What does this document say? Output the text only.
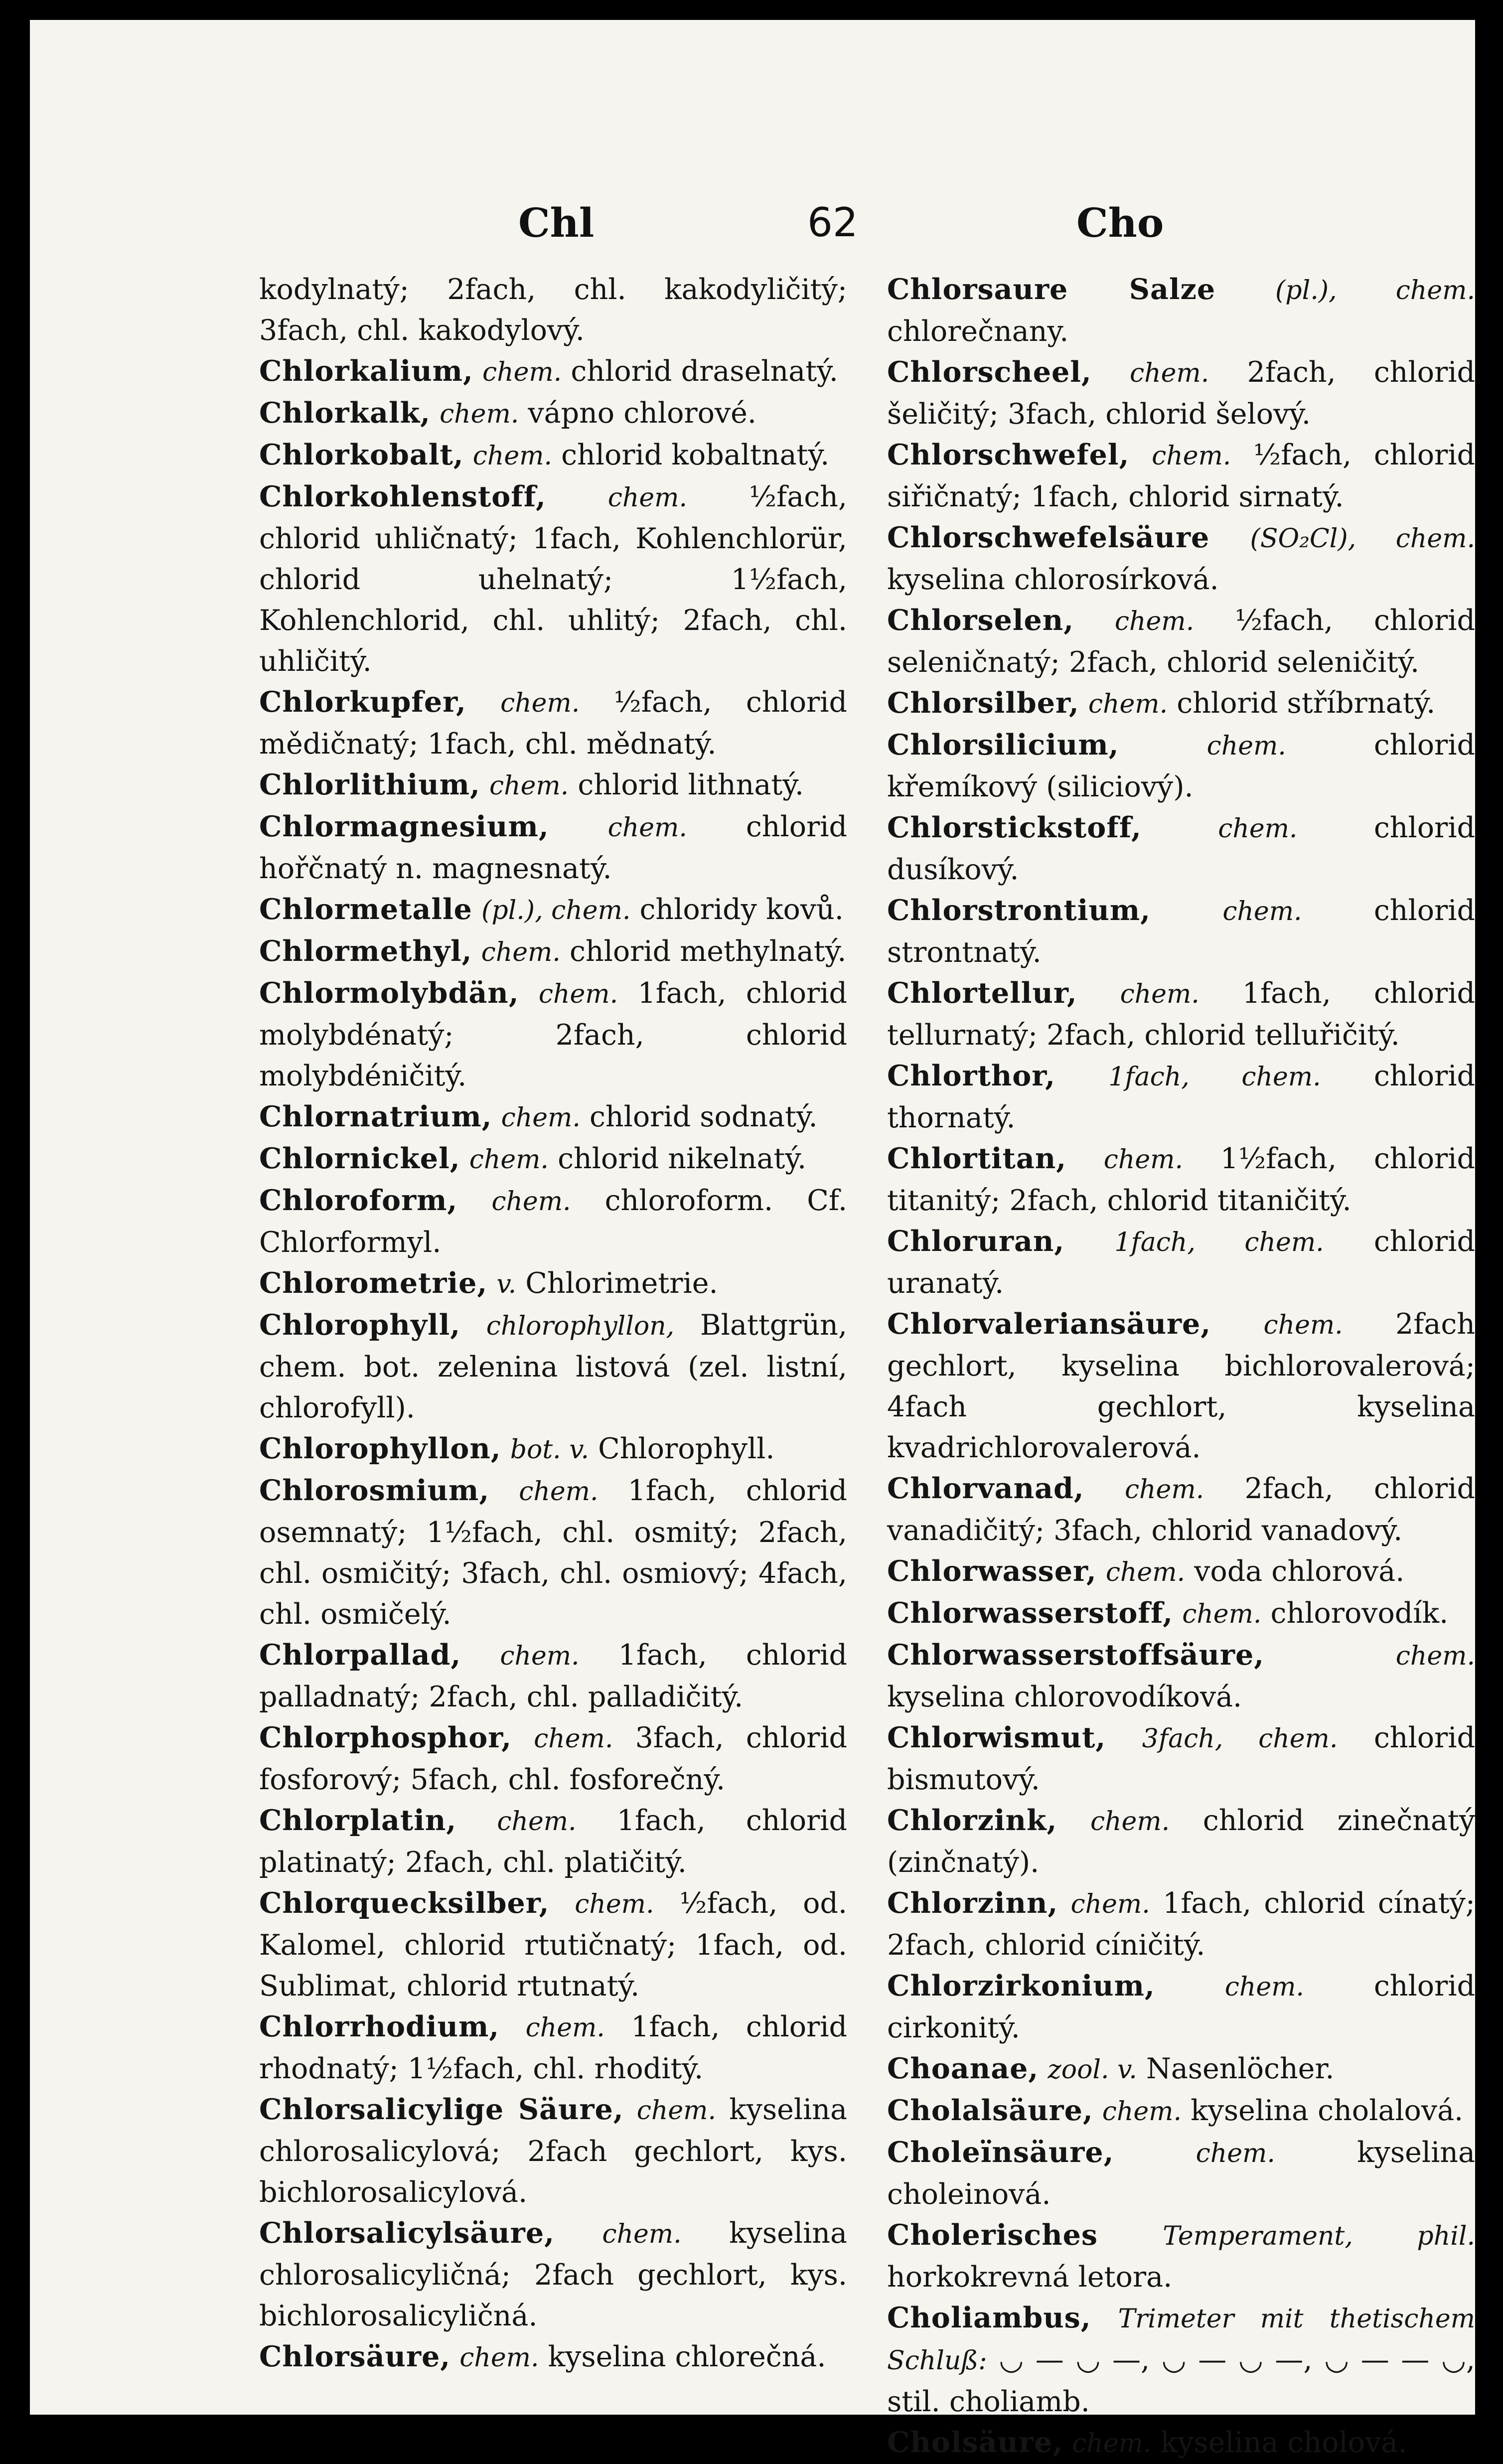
Chl	62	Cho

kodylnatý; 2fach, chl. kakodyličitý; 3fach, chl. kakodylový.

Chlorkalium, chem. chlorid draselnatý.

Chlorkalk, chem. vápno chlorové.

Chlorkobalt, chem. chlorid kobaltnatý.

Chlorkohlenstoff, chem. ½fach, chlorid uhličnatý; 1fach, Kohlenchlorür, chlorid uhelnatý; 1½fach, Kohlenchlorid, chl. uhlitý; 2fach, chl. uhličitý.

Chlorkupfer, chem. ½fach, chlorid mědičnatý; 1fach, chl. mědnatý.

Chlorlithium, chem. chlorid lithnatý.

Chlormagnesium, chem. chlorid hořčnatý n. magnesnatý.

Chlormetalle (pl.), chem. chloridy kovů.

Chlormethyl, chem. chlorid methylnatý.

Chlormolybdän, chem. 1fach, chlorid molybdénatý; 2fach, chlorid molybdéničitý.

Chlornatrium, chem. chlorid sodnatý.

Chlornickel, chem. chlorid nikelnatý.

Chloroform, chem. chloroform. Cf. Chlorformyl.

Chlorometrie, v. Chlorimetrie.

Chlorophyll, chlorophyllon, Blattgrün, chem. bot. zelenina listová (zel. listní, chlorofyll).

Chlorophyllon, bot. v. Chlorophyll.

Chlorosmium, chem. 1fach, chlorid osemnatý; 1½fach, chl. osmitý; 2fach, chl. osmičitý; 3fach, chl. osmiový; 4fach, chl. osmičelý.

Chlorpallad, chem. 1fach, chlorid palladnatý; 2fach, chl. palladičitý.

Chlorphosphor, chem. 3fach, chlorid fosforový; 5fach, chl. fosforečný.

Chlorplatin, chem. 1fach, chlorid platinatý; 2fach, chl. platičitý.

Chlorquecksilber, chem. ½fach, od. Kalomel, chlorid rtutičnatý; 1fach, od. Sublimat, chlorid rtutnatý.

Chlorrhodium, chem. 1fach, chlorid rhodnatý; 1½fach, chl. rhoditý.

Chlorsalicylige Säure, chem. kyselina chlorosalicylová; 2fach gechlort, kys. bichlorosalicylová.

Chlorsalicylsäure, chem. kyselina chlorosalicyličná; 2fach gechlort, kys. bichlorosalicyličná.

Chlorsäure, chem. kyselina chlorečná.

Chlorsaure Salze (pl.), chem. chlorečnany.

Chlorscheel, chem. 2fach, chlorid šeličitý; 3fach, chlorid šelový.

Chlorschwefel, chem. ½fach, chlorid siřičnatý; 1fach, chlorid sirnatý.

Chlorschwefelsäure (SO₂Cl), chem. kyselina chlorosírková.

Chlorselen, chem. ½fach, chlorid seleničnatý; 2fach, chlorid seleničitý.

Chlorsilber, chem. chlorid stříbrnatý.

Chlorsilicium,	chem.	chlorid křemíkový (siliciový).

Chlorstickstoff,	chem.	chlorid dusíkový.

Chlorstrontium,	chem.	chlorid strontnatý.

Chlortellur, chem. 1fach, chlorid tellurnatý; 2fach, chlorid telluřičitý.

Chlorthor, 1fach, chem. chlorid thornatý.

Chlortitan, chem. 1½fach, chlorid titanitý; 2fach, chlorid titaničitý.

Chloruran, 1fach, chem. chlorid uranatý.

Chlorvaleriansäure, chem. 2fach gechlort, kyselina bichlorovalerová; 4fach gechlort, kyselina kvadrichlorovalerová.

Chlorvanad, chem. 2fach, chlorid vanadičitý; 3fach, chlorid vanadový.

Chlorwasser, chem. voda chlorová.

Chlorwasserstoff, chem. chlorovodík.

Chlorwasserstoffsäure,	chem. kyselina chlorovodíková.

Chlorwismut, 3fach, chem. chlorid bismutový.

Chlorzink, chem. chlorid zinečnatý (zinčnatý).

Chlorzinn, chem. 1fach, chlorid cínatý; 2fach, chlorid cíničitý.

Chlorzirkonium,	chem. chlorid cirkonitý.

Choanae, zool. v. Nasenlöcher.

Cholalsäure, chem. kyselina cholalová.

Choleïnsäure,	chem.	kyselina choleinová.

Cholerisches	Temperament, phil. horkokrevná letora.

Choliambus, Trimeter mit thetischem Schluß: ◡ — ◡ —, ◡ — ◡ —, ◡ — — ◡, stil. choliamb.

Cholsäure, chem. kyselina cholová.
